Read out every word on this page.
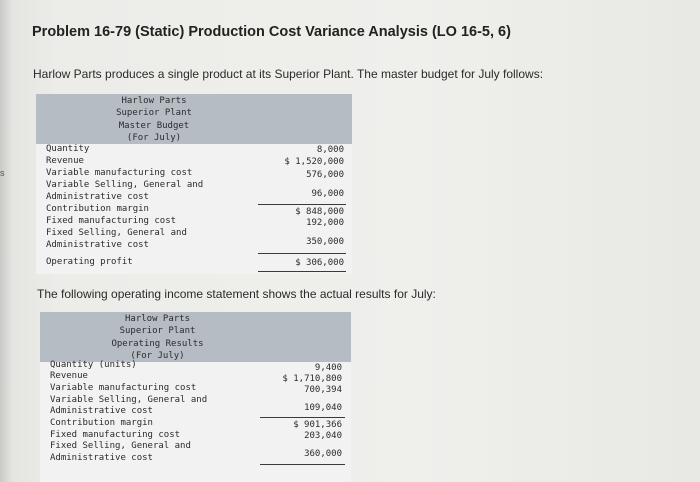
s
Problem 16-79 (Static) Production Cost Variance Analysis (LO 16-5, 6)
Harlow Parts produces a single product at its Superior Plant. The master budget for July follows:
Harlow Parts
Superior Plant
Master Budget
(For July)
Quantity	8,000
Revenue	$ 1,520,000
Variable manufacturing cost	576,000
Variable Selling, General and
Administrative cost	96,000
Contribution margin	$ 848,000
Fixed manufacturing cost	192,000
Fixed Selling, General and
Administrative cost	350,000
Operating profit	$ 306,000
The following operating income statement shows the actual results for July:
Harlow Parts
Superior Plant
Operating Results
(For July)
Quantity (units)	9,400
Revenue	$ 1,710,800
Variable manufacturing cost	700,394
Variable Selling, General and
Administrative cost	109,040
Contribution margin	$ 901,366
Fixed manufacturing cost	203,040
Fixed Selling, General and
Administrative cost	360,000
